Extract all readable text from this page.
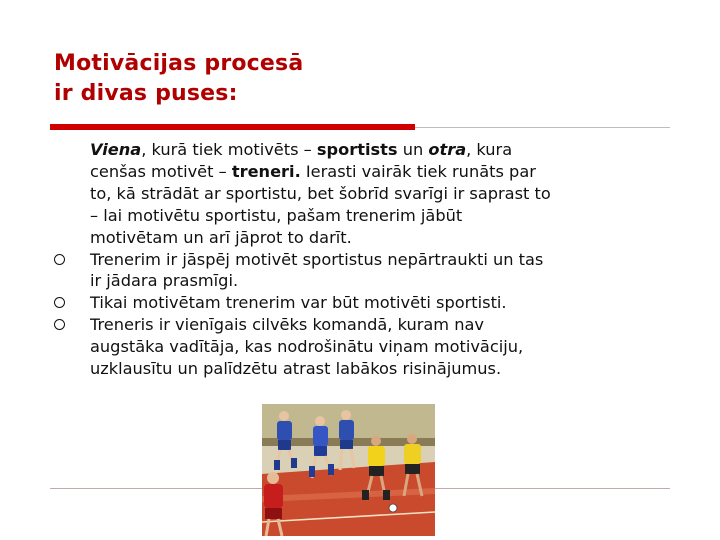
Motivācijas procesā
ir divas puses:
Viena, kurā tiek motivēts – sportists un otra, kura
cenšas motivēt – treneri. Ierasti vairāk tiek runāts par
to, kā strādāt ar sportistu, bet šobrīd svarīgi ir saprast to
– lai motivētu sportistu, pašam trenerim jābūt
motivētam un arī jāprot to darīt.
Trenerim ir jāspēj motivēt sportistus nepārtraukti un tas
ir jādara prasmīgi.
Tikai motivētam trenerim var būt motivēti sportisti.
Treneris ir vienīgais cilvēks komandā, kuram nav
augstāka vadītāja, kas nodrošinātu viņam motivāciju,
uzklausītu un palīdzētu atrast labākos risinājumus.
